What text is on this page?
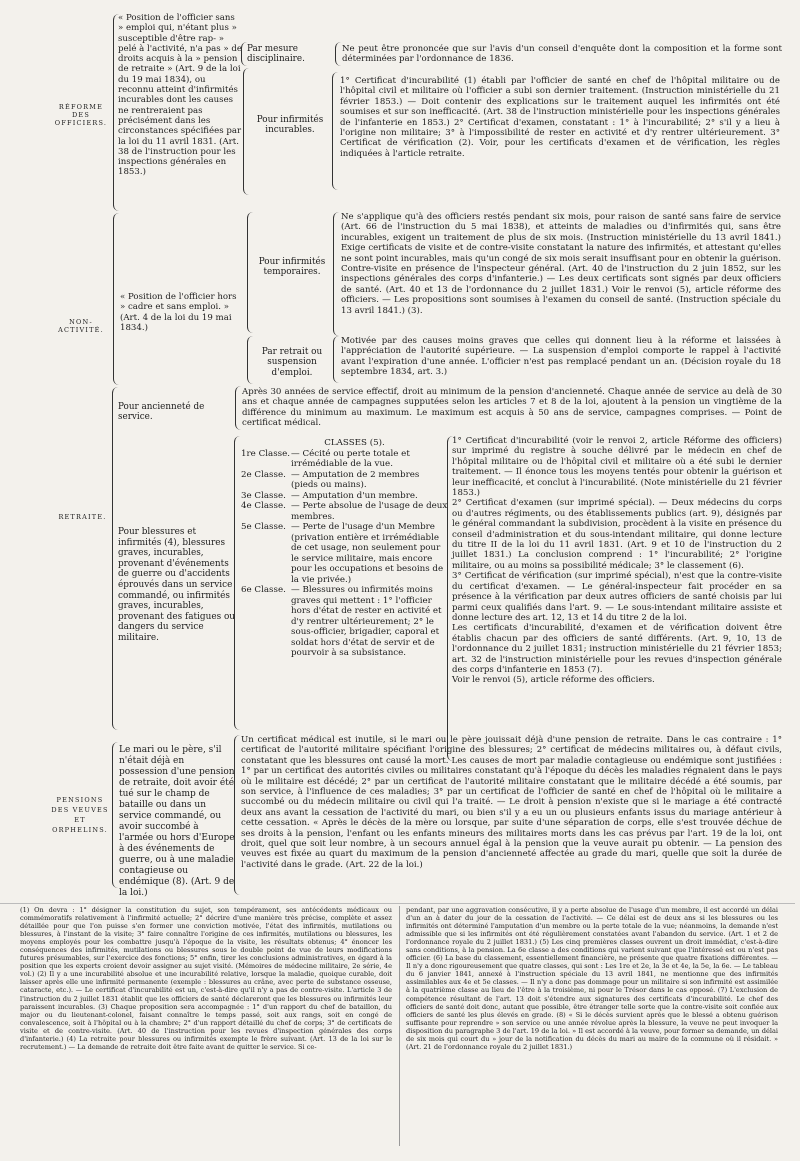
RÉFORME DES OFFICIERS.
NON-ACTIVITÉ.
RETRAITE.
PENSIONS DES VEUVES ET ORPHELINS.
« Position de l'officier sans » emploi qui, n'étant plus » susceptible d'être rap- » pelé à l'activité, n'a pas » de droits acquis à la » pension de retraite » (Art. 9 de la loi du 19 mai 1834), ou reconnu atteint d'infirmités incurables dont les causes ne rentreraient pas précisément dans les circonstances spécifiées par la loi du 11 avril 1831. (Art. 38 de l'instruction pour les inspections générales en 1853.)
Par mesure disciplinaire.
Ne peut être prononcée que sur l'avis d'un conseil d'enquête dont la composition et la forme sont déterminées par l'ordonnance de 1836.
Pour infirmités incurables.
1° Certificat d'incurabilité (1) établi par l'officier de santé en chef de l'hôpital militaire ou de l'hôpital civil et militaire où l'officier a subi son dernier traitement. (Instruction ministérielle du 21 février 1853.) — Doit contenir des explications sur le traitement auquel les infirmités ont été soumises et sur son inefficacité. (Art. 38 de l'instruction ministérielle pour les inspections générales de l'infanterie en 1853.) 2° Certificat d'examen, constatant : 1° à l'incurabilité; 2° s'il y a lieu à l'origine non militaire; 3° à l'impossibilité de rester en activité et d'y rentrer ultérieurement. 3° Certificat de vérification (2). Voir, pour les certificats d'examen et de vérification, les règles indiquées à l'article retraite.
« Position de l'officier hors » cadre et sans emploi. » (Art. 4 de la loi du 19 mai 1834.)
Pour infirmités temporaires.
Ne s'applique qu'à des officiers restés pendant six mois, pour raison de santé sans faire de service (Art. 66 de l'instruction du 5 mai 1838), et atteints de maladies ou d'infirmités qui, sans être incurables, exigent un traitement de plus de six mois. (Instruction ministérielle du 13 avril 1841.) Exige certificats de visite et de contre-visite constatant la nature des infirmités, et attestant qu'elles ne sont point incurables, mais qu'un congé de six mois serait insuffisant pour en obtenir la guérison. Contre-visite en présence de l'inspecteur général. (Art. 40 de l'instruction du 2 juin 1852, sur les inspections générales des corps d'infanterie.) — Les deux certificats sont signés par deux officiers de santé. (Art. 40 et 13 de l'ordonnance du 2 juillet 1831.) Voir le renvoi (5), article réforme des officiers. — Les propositions sont soumises à l'examen du conseil de santé. (Instruction spéciale du 13 avril 1841.) (3).
Par retrait ou suspension d'emploi.
Motivée par des causes moins graves que celles qui donnent lieu à la réforme et laissées à l'appréciation de l'autorité supérieure. — La suspension d'emploi comporte le rappel à l'activité avant l'expiration d'une année. L'officier n'est pas remplacé pendant un an. (Décision royale du 18 septembre 1834, art. 3.)
Pour ancienneté de service.
Après 30 années de service effectif, droit au minimum de la pension d'ancienneté. Chaque année de service au delà de 30 ans et chaque année de campagnes supputées selon les articles 7 et 8 de la loi, ajoutent à la pension un vingtième de la différence du minimum au maximum. Le maximum est acquis à 50 ans de service, campagnes comprises. — Point de certificat médical.
Pour blessures et infirmités (4), blessures graves, incurables, provenant d'événements de guerre ou d'accidents éprouvés dans un service commandé, ou infirmités graves, incurables, provenant des fatigues ou dangers du service militaire.
CLASSES (5).
1re Classe. — Cécité ou perte totale et irrémédiable de la vue.
2e Classe. — Amputation de 2 membres (pieds ou mains).
3e Classe. — Amputation d'un membre.
4e Classe. — Perte absolue de l'usage de deux membres.
5e Classe. — Perte de l'usage d'un Membre (privation entière et irrémédiable de cet usage, non seulement pour le service militaire, mais encore pour les occupations et besoins de la vie privée.)
6e Classe. — Blessures ou infirmités moins graves qui mettent : 1° l'officier hors d'état de rester en activité et d'y rentrer ultérieurement; 2° le sous-officier, brigadier, caporal et soldat hors d'état de servir et de pourvoir à sa subsistance.
1° Certificat d'incurabilité (voir le renvoi 2, article Réforme des officiers) sur imprimé du registre à souche délivré par le médecin en chef de l'hôpital militaire ou de l'hôpital civil et militaire où a été subi le dernier traitement. — Il énonce tous les moyens tentés pour obtenir la guérison et leur inefficacité, et conclut à l'incurabilité. (Note ministérielle du 21 février 1853.)
2° Certificat d'examen (sur imprimé spécial). — Deux médecins du corps ou d'autres régiments, ou des établissements publics (art. 9), désignés par le général commandant la subdivision, procèdent à la visite en présence du conseil d'administration et du sous-intendant militaire, qui donne lecture du titre II de la loi du 11 avril 1831. (Art. 9 et 10 de l'instruction du 2 juillet 1831.) La conclusion comprend : 1° l'incurabilité; 2° l'origine militaire, ou au moins sa possibilité médicale; 3° le classement (6).
3° Certificat de vérification (sur imprimé spécial), n'est que la contre-visite du certificat d'examen. — Le général-inspecteur fait procéder en sa présence à la vérification par deux autres officiers de santé choisis par lui parmi ceux qualifiés dans l'art. 9. — Le sous-intendant militaire assiste et donne lecture des art. 12, 13 et 14 du titre 2 de la loi.
Les certificats d'incurabilité, d'examen et de vérification doivent être établis chacun par des officiers de santé différents. (Art. 9, 10, 13 de l'ordonnance du 2 juillet 1831; instruction ministérielle du 21 février 1853; art. 32 de l'instruction ministérielle pour les revues d'inspection générale des corps d'infanterie en 1853 (7).
Voir le renvoi (5), article réforme des officiers.
Le mari ou le père, s'il n'était déjà en possession d'une pension de retraite, doit avoir été tué sur le champ de bataille ou dans un service commandé, ou avoir succombé à l'armée ou hors d'Europe à des événements de guerre, ou à une maladie contagieuse ou endémique (8). (Art. 9 de la loi.)
Un certificat médical est inutile, si le mari ou le père jouissait déjà d'une pension de retraite. Dans le cas contraire : 1° certificat de l'autorité militaire spécifiant l'origine des blessures; 2° certificat de médecins militaires ou, à défaut civils, constatant que les blessures ont causé la mort. Les causes de mort par maladie contagieuse ou endémique sont justifiées : 1° par un certificat des autorités civiles ou militaires constatant qu'à l'époque du décès les maladies régnaient dans le pays où le militaire est décédé; 2° par un certificat de l'autorité militaire constatant que le militaire décédé a été soumis, par son service, à l'influence de ces maladies; 3° par un certificat de l'officier de santé en chef de l'hôpital où le militaire a succombé ou du médecin militaire ou civil qui l'a traité. — Le droit à pension n'existe que si le mariage a été contracté deux ans avant la cessation de l'activité du mari, ou bien s'il y a eu un ou plusieurs enfants issus du mariage antérieur à cette cessation. « Après le décès de la mère ou lorsque, par suite d'une séparation de corps, elle s'est trouvée déchue de ses droits à la pension, l'enfant ou les enfants mineurs des militaires morts dans les cas prévus par l'art. 19 de la loi, ont droit, quel que soit leur nombre, à un secours annuel égal à la pension que la veuve aurait pu obtenir. — La pension des veuves est fixée au quart du maximum de la pension d'ancienneté affectée au grade du mari, quelle que soit la durée de l'activité dans le grade. (Art. 22 de la loi.)
(1) On devra : 1° désigner la constitution du sujet, son tempérament, ses antécédents médicaux ou commémoratifs relativement à l'infirmité actuelle; 2° décrire d'une manière très précise, complète et assez détaillée pour que l'on puisse s'en former une conviction motivée, l'état des infirmités, mutilations ou blessures, à l'instant de la visite; 3° faire connaître l'origine de ces infirmités, mutilations ou blessures, les moyens employés pour les combattre jusqu'à l'époque de la visite, les résultats obtenus; 4° énoncer les conséquences des infirmités, mutilations ou blessures sous le double point de vue de leurs modifications futures présumables, sur l'exercice des fonctions; 5° enfin, tirer les conclusions administratives, en égard à la position que les experts croient devoir assigner au sujet visité. (Mémoires de médecine militaire, 2e série, 4e vol.) (2) Il y a une incurabilité absolue et une incurabilité relative, lorsque la maladie, quoique curable, doit laisser après elle une infirmité permanente (exemple : blessures au crâne, avec perte de substance osseuse, cataracte, etc.). — Le certificat d'incurabilité est un, c'est-à-dire qu'il n'y a pas de contre-visite. L'article 3 de l'instruction du 2 juillet 1831 établit que les officiers de santé déclareront que les blessures ou infirmités leur paraissent incurables. (3) Chaque proposition sera accompagnée : 1° d'un rapport du chef de bataillon, du major ou du lieutenant-colonel, faisant connaître le temps passé, soit aux rangs, soit en congé de convalescence, soit à l'hôpital ou à la chambre; 2° d'un rapport détaillé du chef de corps; 3° de certificats de visite et de contre-visite. (Art. 40 de l'instruction pour les revues d'inspection générales des corps d'infanterie.) (4) La retraite pour blessures ou infirmités exempte le frère suivant. (Art. 13 de la loi sur le recrutement.) — La demande de retraite doit être faite avant de quitter le service. Si ce-
pendant, par une aggravation consécutive, il y a perte absolue de l'usage d'un membre, il est accordé un délai d'un an à dater du jour de la cessation de l'activité. — Ce délai est de deux ans si les blessures ou les infirmités ont déterminé l'amputation d'un membre ou la perte totale de la vue; néanmoins, la demande n'est admissible que si les infirmités ont été régulièrement constatées avant l'abandon du service. (Art. 1 et 2 de l'ordonnance royale du 2 juillet 1831.) (5) Les cinq premières classes ouvrent un droit immédiat, c'est-à-dire sans conditions, à la pension. La 6e classe a des conditions qui varient suivant que l'intéressé est ou n'est pas officier. (6) La base du classement, essentiellement financière, ne présente que quatre fixations différentes. — Il n'y a donc rigoureusement que quatre classes, qui sont : Les 1re et 2e, la 3e et 4e, la 5e, la 6e. — Le tableau du 6 janvier 1841, annexé à l'instruction spéciale du 13 avril 1841, ne mentionne que des infirmités assimilables aux 4e et 5e classes. — Il n'y a donc pas dommage pour un militaire si son infirmité est assimilée à la quatrième classe au lieu de l'être à la troisième, ni pour le Trésor dans le cas opposé. (7) L'exclusion de compétence résultant de l'art. 13 doit s'étendre aux signatures des certificats d'incurabilité. Le chef des officiers de santé doit donc, autant que possible, être étranger telle sorte que la contre-visite soit confiée aux officiers de santé les plus élevés en grade. (8) « Si le décès survient après que le blessé a obtenu guérison suffisante pour reprendre » son service ou une année révolue après la blessure, la veuve ne peut invoquer la disposition du paragraphe 3 de l'art. 19 de la loi. » Il est accordé à la veuve, pour former sa demande, un délai de six mois qui court du » jour de la notification du décès du mari au maire de la commune où il résidait. » (Art. 21 de l'ordonnance royale du 2 juillet 1831.)
